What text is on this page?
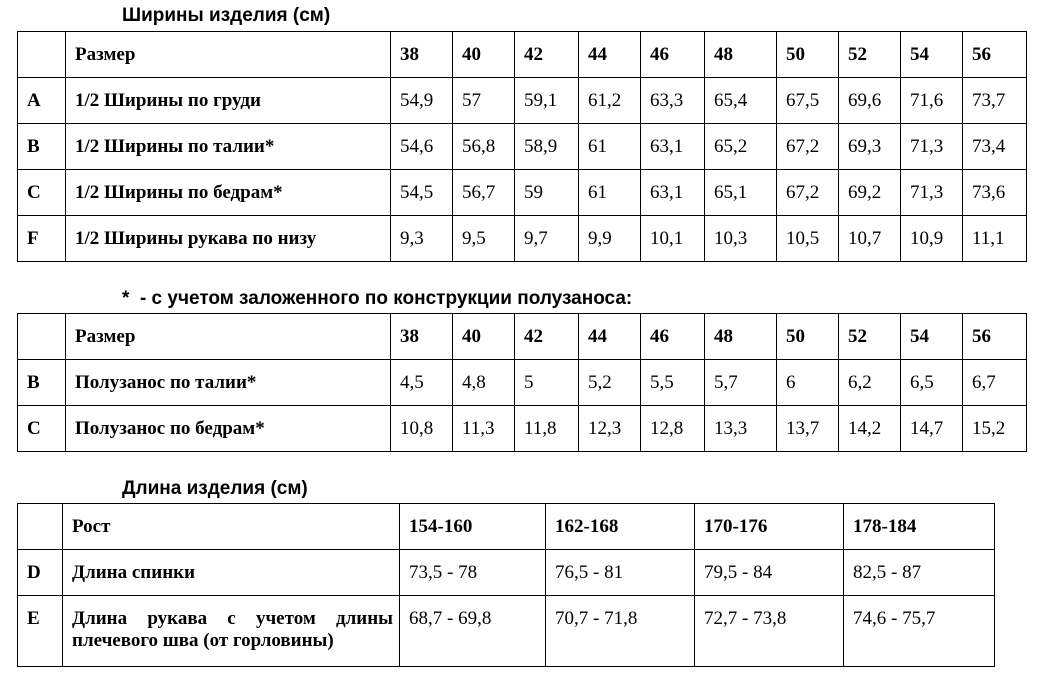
Ширины изделия (см)
	Размер	38	40	42	44	46	48	50	52	54	56
A	1/2 Ширины по груди	54,9	57	59,1	61,2	63,3	65,4	67,5	69,6	71,6	73,7
B	1/2 Ширины по талии*	54,6	56,8	58,9	61	63,1	65,2	67,2	69,3	71,3	73,4
C	1/2 Ширины по бедрам*	54,5	56,7	59	61	63,1	65,1	67,2	69,2	71,3	73,6
F	1/2 Ширины рукава по низу	9,3	9,5	9,7	9,9	10,1	10,3	10,5	10,7	10,9	11,1
*  - с учетом заложенного по конструкции полузаноса:
	Размер	38	40	42	44	46	48	50	52	54	56
B	Полузанос по талии*	4,5	4,8	5	5,2	5,5	5,7	6	6,2	6,5	6,7
C	Полузанос по бедрам*	10,8	11,3	11,8	12,3	12,8	13,3	13,7	14,2	14,7	15,2
Длина изделия (см)
	Рост	154-160	162-168	170-176	178-184
D	Длина спинки	73,5 - 78	76,5 - 81	79,5 - 84	82,5 - 87
E	Длина рукава с учетом длины плечевого шва (от горловины)	68,7 - 69,8	70,7 - 71,8	72,7 - 73,8	74,6 - 75,7
